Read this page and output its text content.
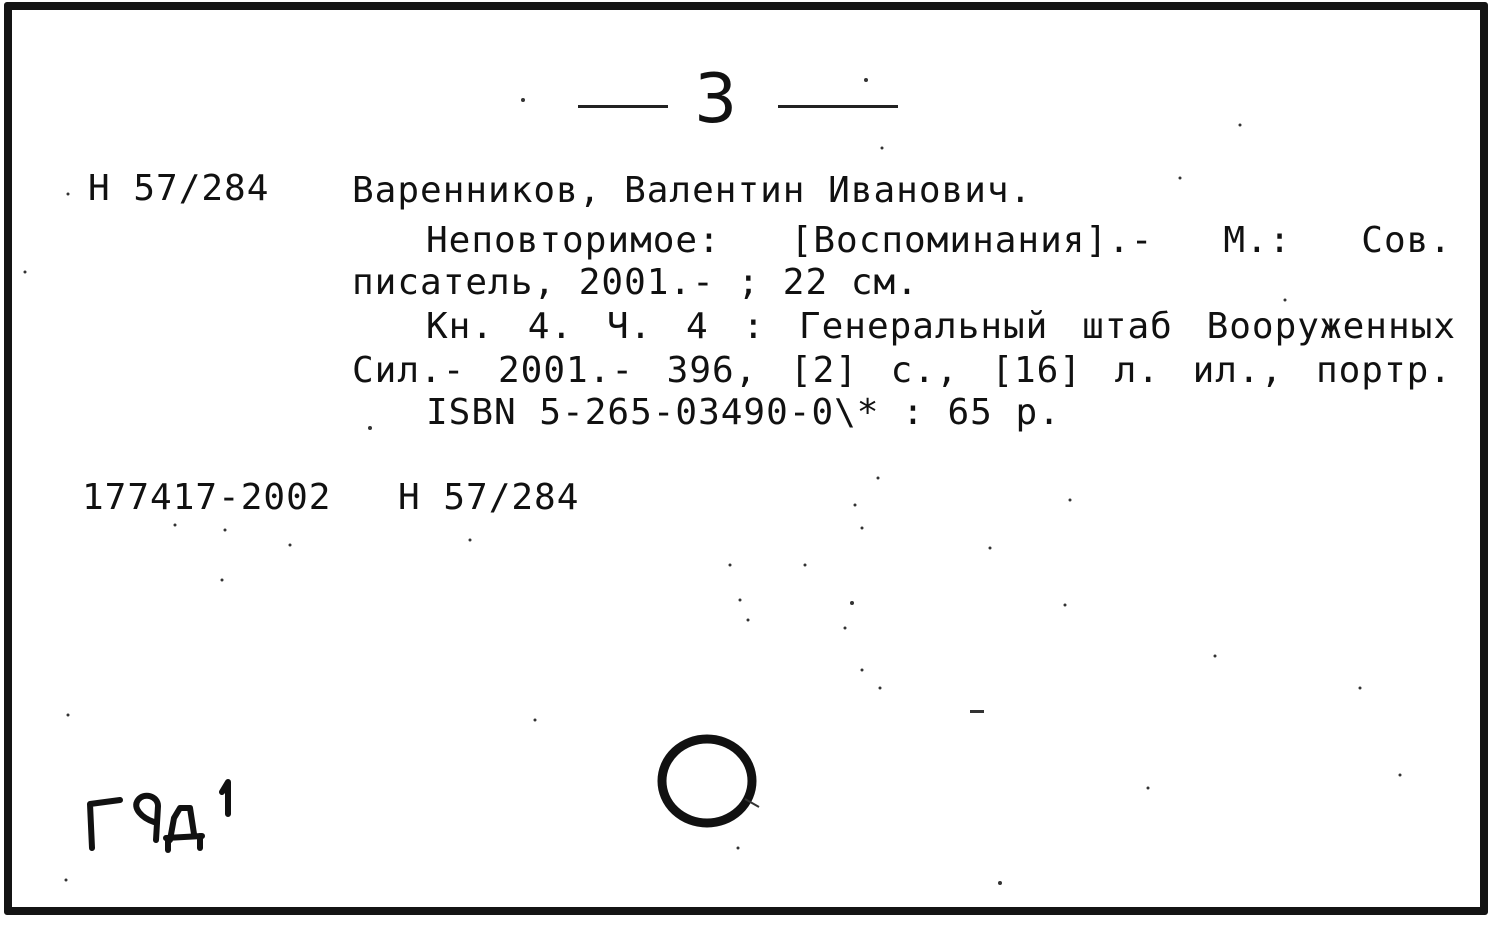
3
Н 57/284 Варенников, Валентин Иванович.
Неповторимое: [Воспоминания].- М.: Сов.
писатель, 2001.- ; 22 см.
Кн. 4. Ч. 4 : Генеральный штаб Вооруженных
Сил.- 2001.- 396, [2] с., [16] л. ил., портр.
ISBN 5-265-03490-0\* : 65 р.
177417-2002 Н 57/284
